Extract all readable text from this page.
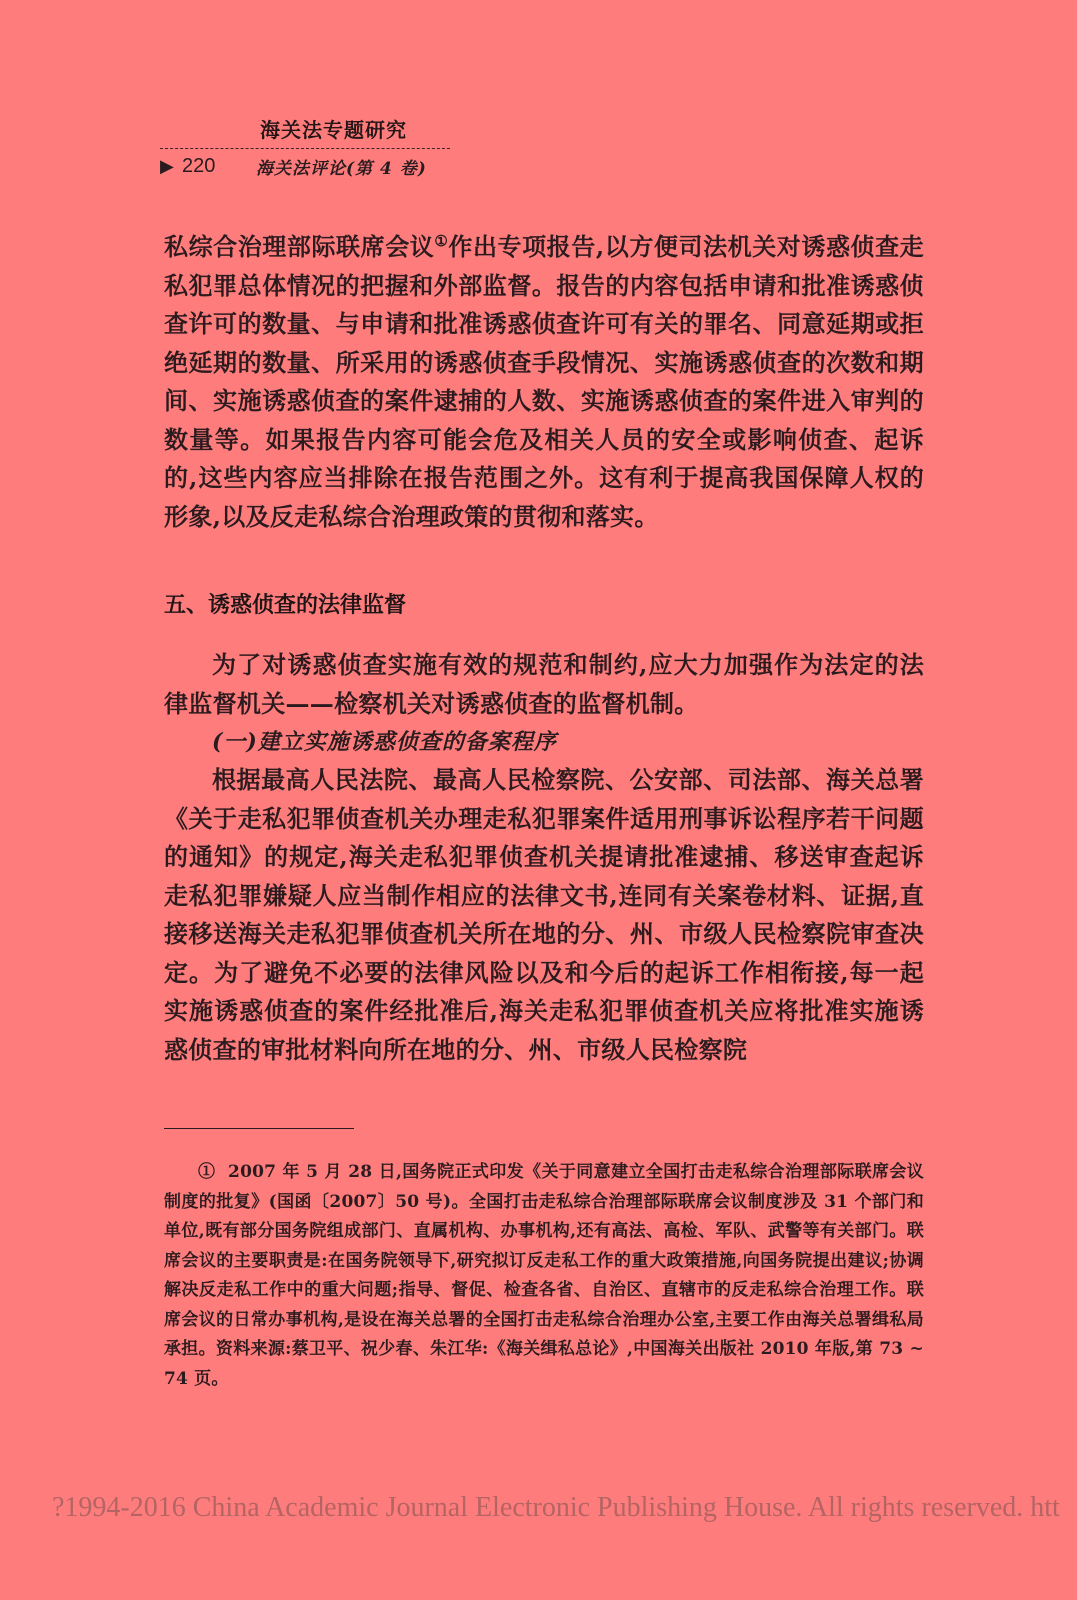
海关法专题研究
▶ 220	海关法评论(第 4 卷)

私综合治理部际联席会议①作出专项报告,以方便司法机关对诱惑侦查走私犯罪总体情况的把握和外部监督。报告的内容包括申请和批准诱惑侦查许可的数量、与申请和批准诱惑侦查许可有关的罪名、同意延期或拒绝延期的数量、所采用的诱惑侦查手段情况、实施诱惑侦查的次数和期间、实施诱惑侦查的案件逮捕的人数、实施诱惑侦查的案件进入审判的数量等。如果报告内容可能会危及相关人员的安全或影响侦查、起诉的,这些内容应当排除在报告范围之外。这有利于提高我国保障人权的形象,以及反走私综合治理政策的贯彻和落实。

五、诱惑侦查的法律监督

为了对诱惑侦查实施有效的规范和制约,应大力加强作为法定的法律监督机关——检察机关对诱惑侦查的监督机制。

(一)建立实施诱惑侦查的备案程序

根据最高人民法院、最高人民检察院、公安部、司法部、海关总署《关于走私犯罪侦查机关办理走私犯罪案件适用刑事诉讼程序若干问题的通知》的规定,海关走私犯罪侦查机关提请批准逮捕、移送审查起诉走私犯罪嫌疑人应当制作相应的法律文书,连同有关案卷材料、证据,直接移送海关走私犯罪侦查机关所在地的分、州、市级人民检察院审查决定。为了避免不必要的法律风险以及和今后的起诉工作相衔接,每一起实施诱惑侦查的案件经批准后,海关走私犯罪侦查机关应将批准实施诱惑侦查的审批材料向所在地的分、州、市级人民检察院

① 2007 年 5 月 28 日,国务院正式印发《关于同意建立全国打击走私综合治理部际联席会议制度的批复》(国函〔2007〕50 号)。全国打击走私综合治理部际联席会议制度涉及 31 个部门和单位,既有部分国务院组成部门、直属机构、办事机构,还有高法、高检、军队、武警等有关部门。联席会议的主要职责是:在国务院领导下,研究拟订反走私工作的重大政策措施,向国务院提出建议;协调解决反走私工作中的重大问题;指导、督促、检查各省、自治区、直辖市的反走私综合治理工作。联席会议的日常办事机构,是设在海关总署的全国打击走私综合治理办公室,主要工作由海关总署缉私局承担。资料来源:蔡卫平、祝少春、朱江华:《海关缉私总论》,中国海关出版社 2010 年版,第 73 ~ 74 页。

?1994-2016 China Academic Journal Electronic Publishing House. All rights reserved. htt
